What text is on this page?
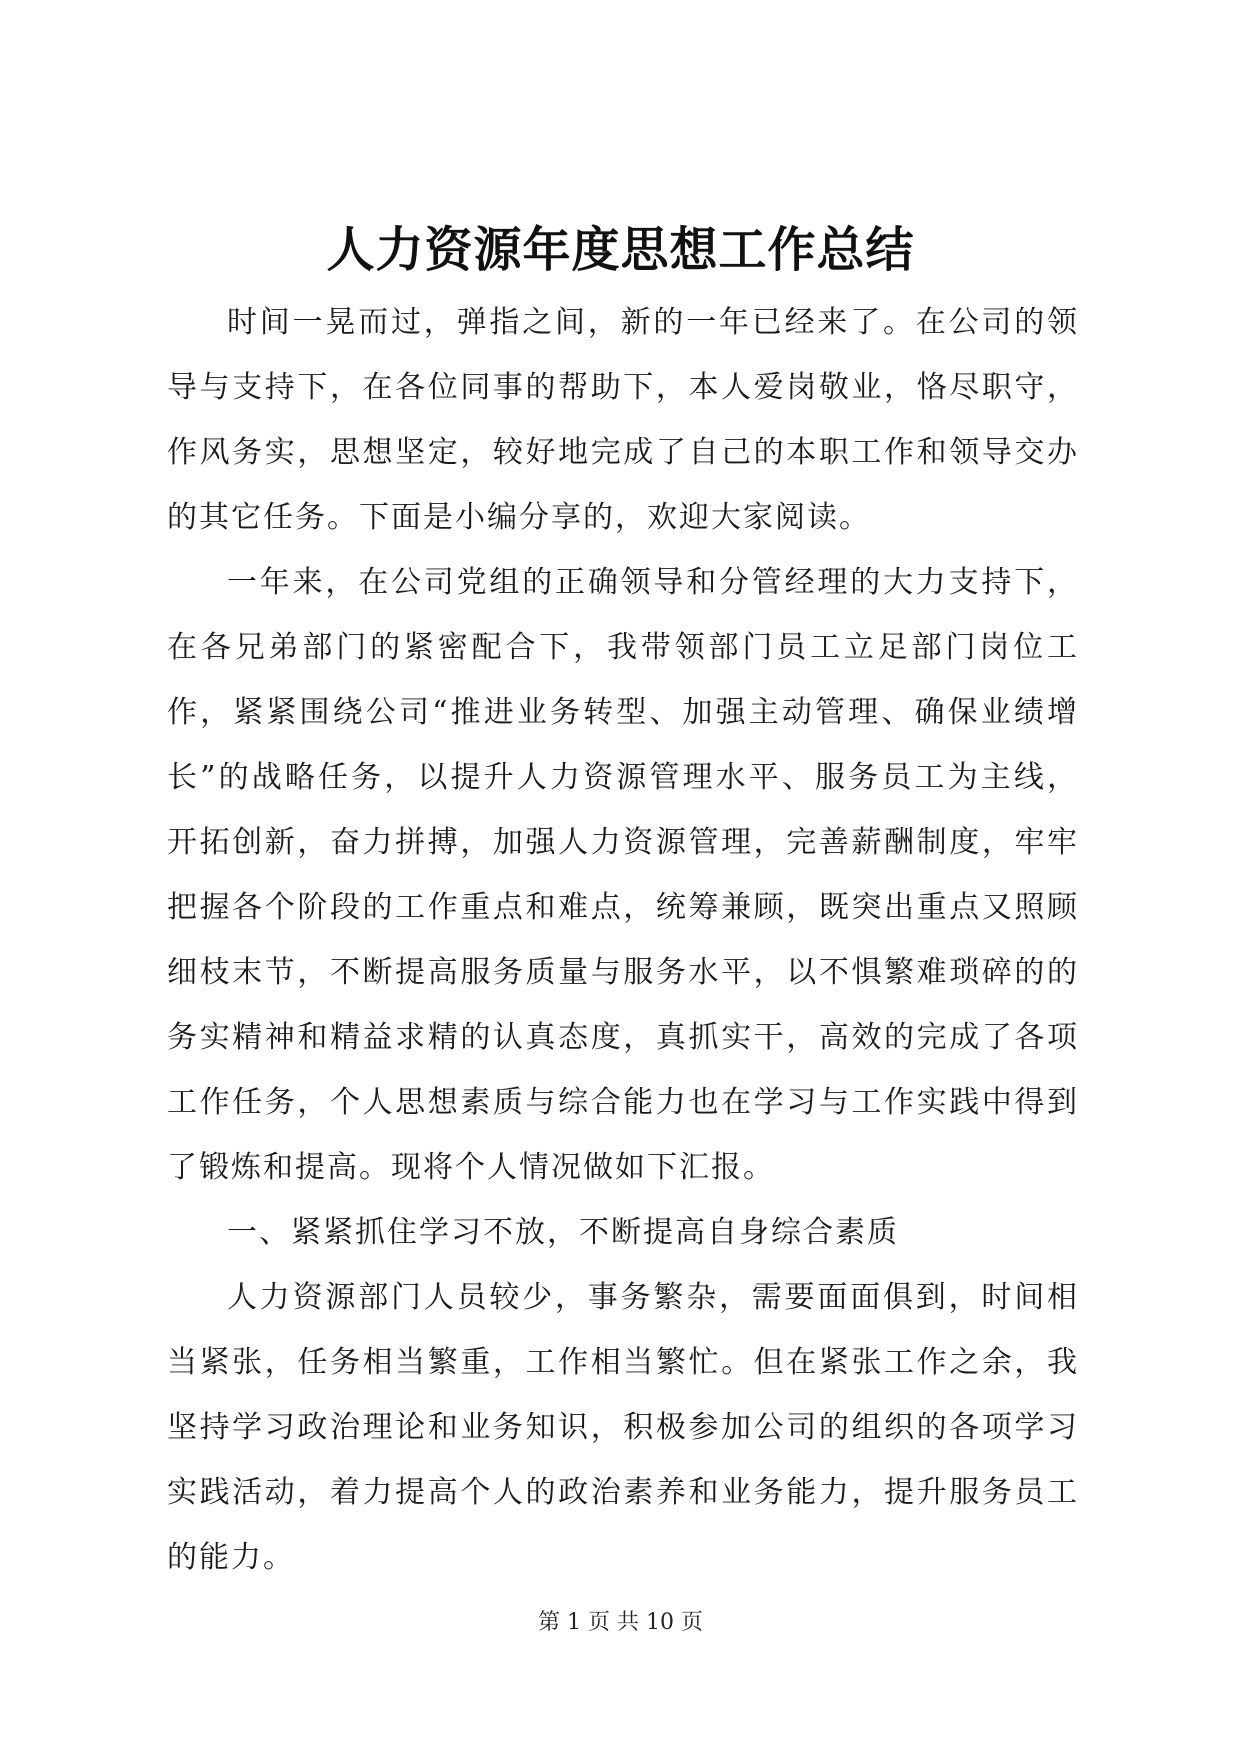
人力资源年度思想工作总结

时间一晃而过，弹指之间，新的一年已经来了。在公司的领导与支持下，在各位同事的帮助下，本人爱岗敬业，恪尽职守，作风务实，思想坚定，较好地完成了自己的本职工作和领导交办的其它任务。下面是小编分享的，欢迎大家阅读。

一年来，在公司党组的正确领导和分管经理的大力支持下，在各兄弟部门的紧密配合下，我带领部门员工立足部门岗位工作，紧紧围绕公司“推进业务转型、加强主动管理、确保业绩增长”的战略任务，以提升人力资源管理水平、服务员工为主线，开拓创新，奋力拼搏，加强人力资源管理，完善薪酬制度，牢牢把握各个阶段的工作重点和难点，统筹兼顾，既突出重点又照顾细枝末节，不断提高服务质量与服务水平，以不惧繁难琐碎的的务实精神和精益求精的认真态度，真抓实干，高效的完成了各项工作任务，个人思想素质与综合能力也在学习与工作实践中得到了锻炼和提高。现将个人情况做如下汇报。

一、紧紧抓住学习不放，不断提高自身综合素质

人力资源部门人员较少，事务繁杂，需要面面俱到，时间相当紧张，任务相当繁重，工作相当繁忙。但在紧张工作之余，我坚持学习政治理论和业务知识，积极参加公司的组织的各项学习实践活动，着力提高个人的政治素养和业务能力，提升服务员工的能力。

第 1 页 共 10 页
